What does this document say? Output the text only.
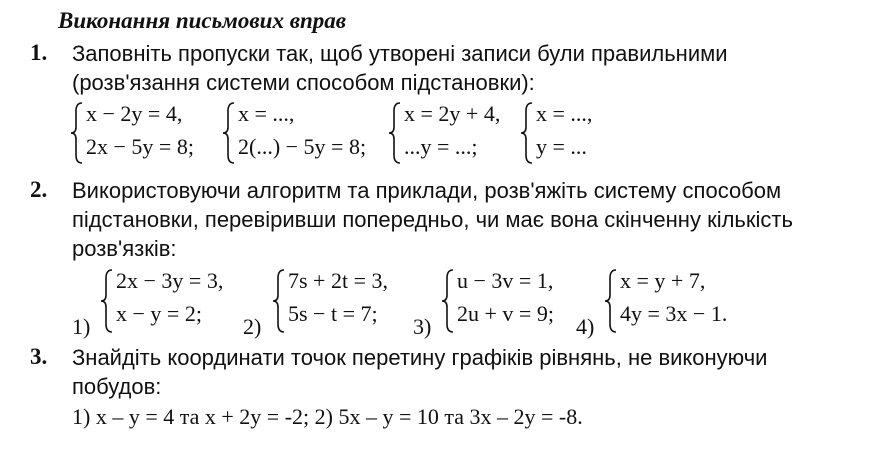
Виконання письмових вправ
1. Заповніть пропуски так, щоб утворені записи були правильними
(розв'язання системи способом підстановки):
x − 2y = 4,
2x − 5y = 8;
x = ...,
2(...) − 5y = 8;
x = 2y + 4,
...y = ...;
x = ...,
y = ...
2. Використовуючи алгоритм та приклади, розв'яжіть систему способом
підстановки, перевіривши попередньо, чи має вона скінченну кількість
розв'язків:
1)
2x − 3y = 3,
x − y = 2;
2)
7s + 2t = 3,
5s − t = 7;
3)
u − 3v = 1,
2u + v = 9;
4)
x = y + 7,
4y = 3x − 1.
3. Знайдіть координати точок перетину графіків рівнянь, не виконуючи
побудов:
1) x – y = 4 та x + 2y = -2; 2) 5x – y = 10 та 3x – 2y = -8.
